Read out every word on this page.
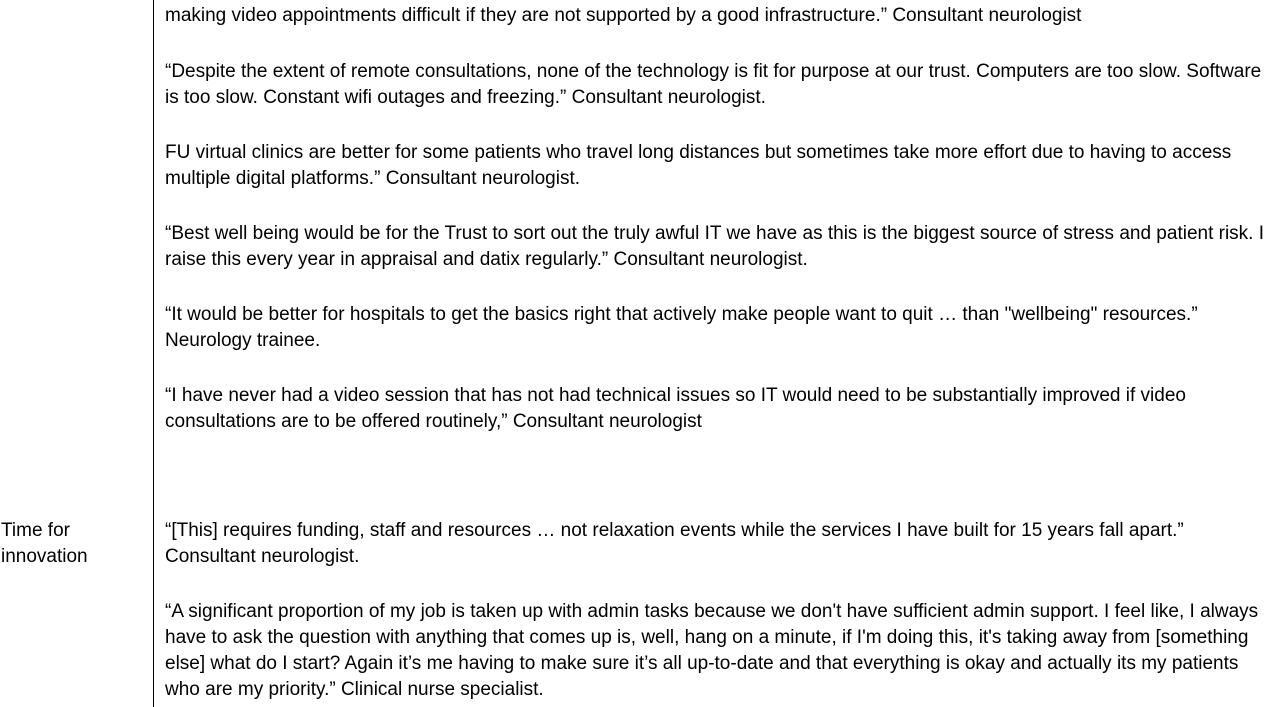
making video appointments difficult if they are not supported by a good infrastructure.” Consultant neurologist

“Despite the extent of remote consultations, none of the technology is fit for purpose at our trust. Computers are too slow. Software is too slow. Constant wifi outages and freezing.” Consultant neurologist.

FU virtual clinics are better for some patients who travel long distances but sometimes take more effort due to having to access multiple digital platforms.” Consultant neurologist.

“Best well being would be for the Trust to sort out the truly awful IT we have as this is the biggest source of stress and patient risk. I raise this every year in appraisal and datix regularly.” Consultant neurologist.

“It would be better for hospitals to get the basics right that actively make people want to quit … than "wellbeing" resources.” Neurology trainee.

“I have never had a video session that has not had technical issues so IT would need to be substantially improved if video consultations are to be offered routinely,” Consultant neurologist

Time for
innovation

“[This] requires funding, staff and resources … not relaxation events while the services I have built for 15 years fall apart.” Consultant neurologist.

“A significant proportion of my job is taken up with admin tasks because we don't have sufficient admin support. I feel like, I always have to ask the question with anything that comes up is, well, hang on a minute, if I'm doing this, it's taking away from [something else] what do I start? Again it’s me having to make sure it’s all up-to-date and that everything is okay and actually its my patients who are my priority.” Clinical nurse specialist.
